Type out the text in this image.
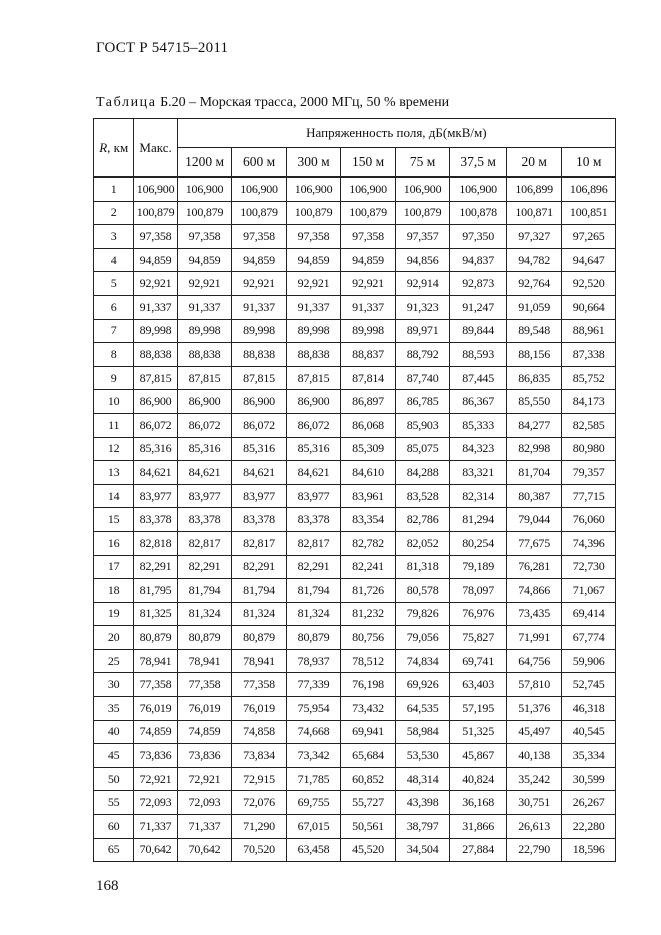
ГОСТ Р 54715–2011
Таблица Б.20 – Морская трасса, 2000 МГц, 50 % времени
R, км	Макс.	Напряженность поля, дБ(мкВ/м)							
		1200 м	600 м	300 м	150 м	75 м	37,5 м	20 м	10 м
1	106,900	106,900	106,900	106,900	106,900	106,900	106,900	106,899	106,896
2	100,879	100,879	100,879	100,879	100,879	100,879	100,878	100,871	100,851
3	97,358	97,358	97,358	97,358	97,358	97,357	97,350	97,327	97,265
4	94,859	94,859	94,859	94,859	94,859	94,856	94,837	94,782	94,647
5	92,921	92,921	92,921	92,921	92,921	92,914	92,873	92,764	92,520
6	91,337	91,337	91,337	91,337	91,337	91,323	91,247	91,059	90,664
7	89,998	89,998	89,998	89,998	89,998	89,971	89,844	89,548	88,961
8	88,838	88,838	88,838	88,838	88,837	88,792	88,593	88,156	87,338
9	87,815	87,815	87,815	87,815	87,814	87,740	87,445	86,835	85,752
10	86,900	86,900	86,900	86,900	86,897	86,785	86,367	85,550	84,173
11	86,072	86,072	86,072	86,072	86,068	85,903	85,333	84,277	82,585
12	85,316	85,316	85,316	85,316	85,309	85,075	84,323	82,998	80,980
13	84,621	84,621	84,621	84,621	84,610	84,288	83,321	81,704	79,357
14	83,977	83,977	83,977	83,977	83,961	83,528	82,314	80,387	77,715
15	83,378	83,378	83,378	83,378	83,354	82,786	81,294	79,044	76,060
16	82,818	82,817	82,817	82,817	82,782	82,052	80,254	77,675	74,396
17	82,291	82,291	82,291	82,291	82,241	81,318	79,189	76,281	72,730
18	81,795	81,794	81,794	81,794	81,726	80,578	78,097	74,866	71,067
19	81,325	81,324	81,324	81,324	81,232	79,826	76,976	73,435	69,414
20	80,879	80,879	80,879	80,879	80,756	79,056	75,827	71,991	67,774
25	78,941	78,941	78,941	78,937	78,512	74,834	69,741	64,756	59,906
30	77,358	77,358	77,358	77,339	76,198	69,926	63,403	57,810	52,745
35	76,019	76,019	76,019	75,954	73,432	64,535	57,195	51,376	46,318
40	74,859	74,859	74,858	74,668	69,941	58,984	51,325	45,497	40,545
45	73,836	73,836	73,834	73,342	65,684	53,530	45,867	40,138	35,334
50	72,921	72,921	72,915	71,785	60,852	48,314	40,824	35,242	30,599
55	72,093	72,093	72,076	69,755	55,727	43,398	36,168	30,751	26,267
60	71,337	71,337	71,290	67,015	50,561	38,797	31,866	26,613	22,280
65	70,642	70,642	70,520	63,458	45,520	34,504	27,884	22,790	18,596
168
